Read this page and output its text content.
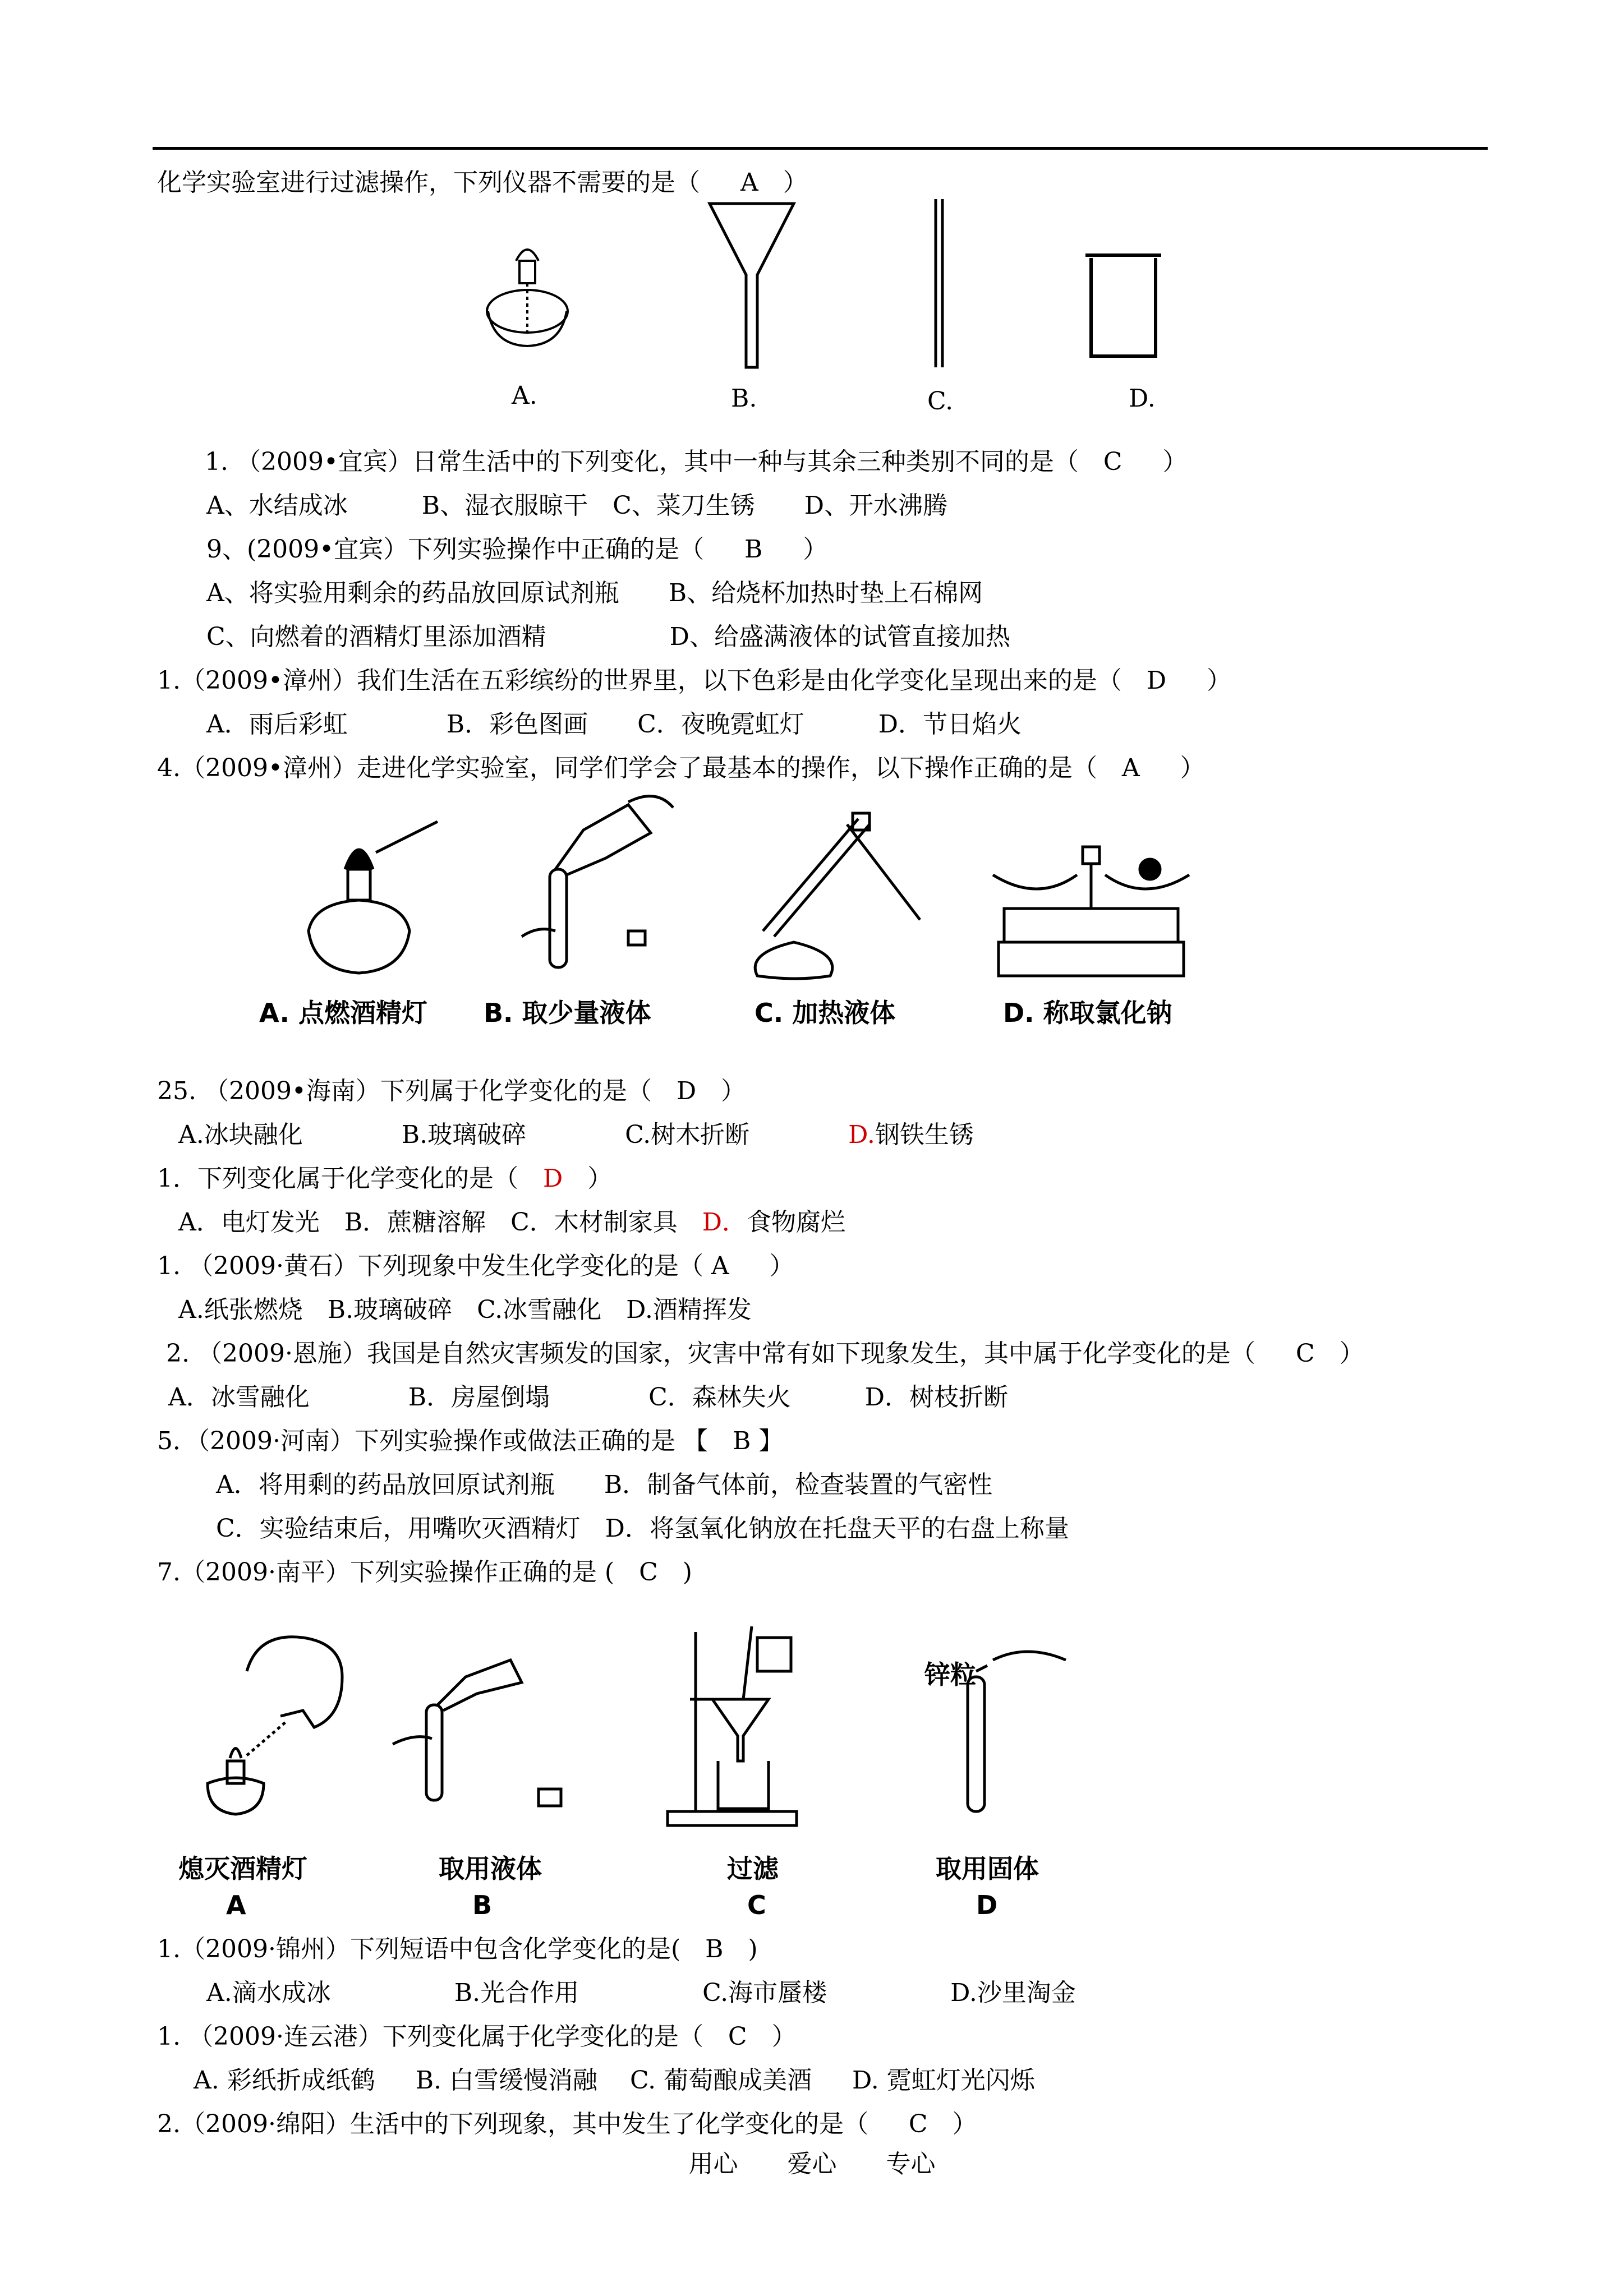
化学实验室进行过滤操作，下列仪器不需要的是（　  A　）
A.	B.	C.	D.
1. （2009•宜宾）日常生活中的下列变化，其中一种与其余三种类别不同的是（　C　  ）
A、水结成冰　　　B、湿衣服晾干　C、菜刀生锈　　D、开水沸腾
9、(2009•宜宾）下列实验操作中正确的是（　  B　  ）
A、将实验用剩余的药品放回原试剂瓶　　B、给烧杯加热时垫上石棉网
C、向燃着的酒精灯里添加酒精　　　　　D、给盛满液体的试管直接加热
1.（2009•漳州）我们生活在五彩缤纷的世界里，以下色彩是由化学变化呈现出来的是（　D　  ）
A．雨后彩虹　　　　B．彩色图画　　C．夜晚霓虹灯　　　D．节日焰火
4.（2009•漳州）走进化学实验室，同学们学会了最基本的操作，以下操作正确的是（　A　  ）
A. 点燃酒精灯 B. 取少量液体	C. 加热液体	D. 称取氯化钠
25. （2009•海南）下列属于化学变化的是（　D　）
A.冰块融化　　　　B.玻璃破碎　　　　C.树木折断　　　　D.钢铁生锈
1．下列变化属于化学变化的是（　D　）
A．电灯发光　B．蔗糖溶解　C．木材制家具　D．食物腐烂
1. （2009·黄石）下列现象中发生化学变化的是（ A　  ）
A.纸张燃烧　B.玻璃破碎　C.冰雪融化　D.酒精挥发
2. （2009·恩施）我国是自然灾害频发的国家，灾害中常有如下现象发生，其中属于化学变化的是（　  C　）
A．冰雪融化　　　　B．房屋倒塌　　　　C．森林失火　　　D．树枝折断
5．（2009·河南）下列实验操作或做法正确的是 【　B 】
A．将用剩的药品放回原试剂瓶　　B．制备气体前，检查装置的气密性
C．实验结束后，用嘴吹灭酒精灯　D．将氢氧化钠放在托盘天平的右盘上称量
7.（2009·南平）下列实验操作正确的是 (　C　)
锌粒
熄灭酒精灯	取用液体	过滤	取用固体
A	B	C	D
1.（2009·锦州）下列短语中包含化学变化的是(　B　)
A.滴水成冰　　　　　B.光合作用　　　　　C.海市蜃楼　　　　　D.沙里淘金
1. （2009·连云港）下列变化属于化学变化的是（　C　）
A. 彩纸折成纸鹤　  B. 白雪缓慢消融　 C. 葡萄酿成美酒　  D. 霓虹灯光闪烁
2.（2009·绵阳）生活中的下列现象，其中发生了化学变化的是（　  C　）
用心　　爱心　　专心
